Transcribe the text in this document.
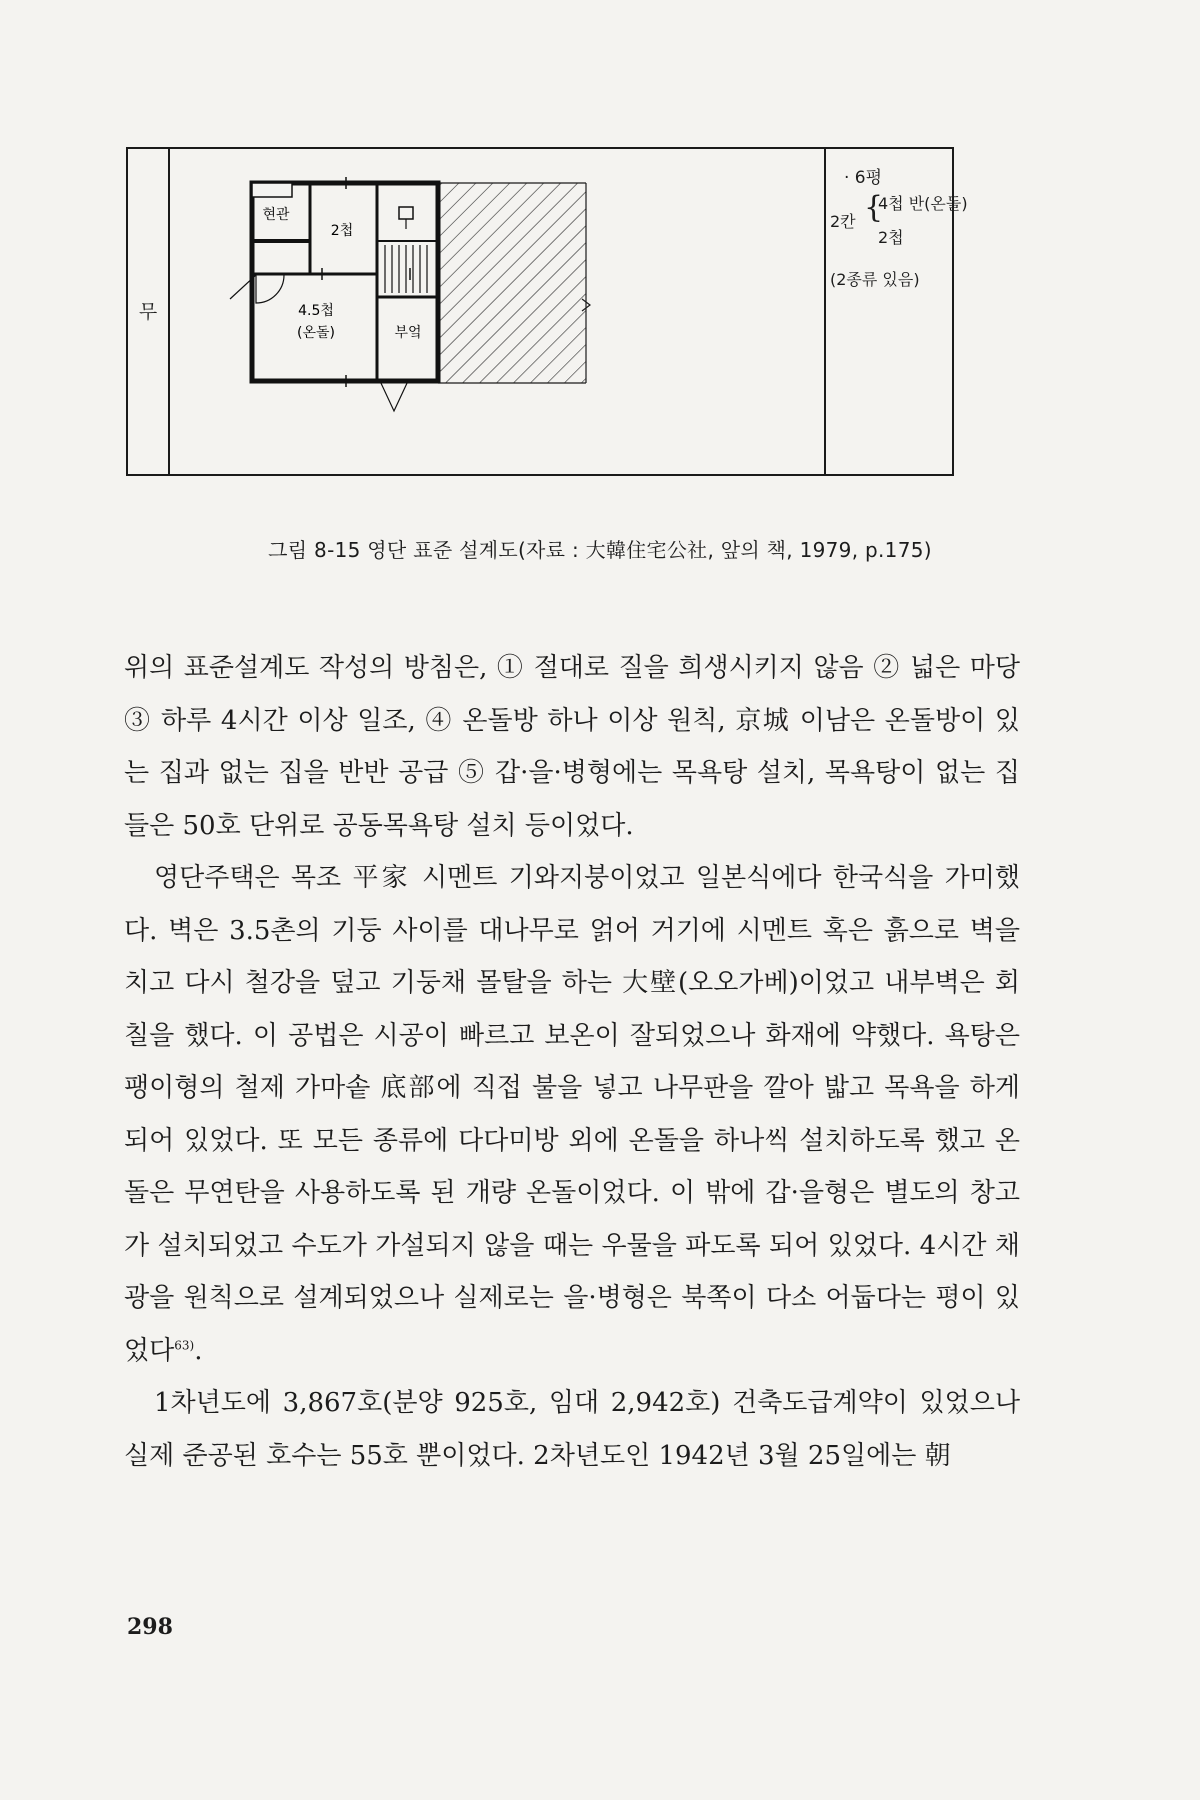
무
현관
2첩
4.5첩
(온돌)	부엌
· 6평
2칸 {
4첩 반(온돌)
2첩
(2종류 있음)
그림 8-15 영단 표준 설계도(자료 : 大韓住宅公社, 앞의 책, 1979, p.175)

위의 표준설계도 작성의 방침은, ① 절대로 질을 희생시키지 않음 ② 넓은 마당 ③ 하루 4시간 이상 일조, ④ 온돌방 하나 이상 원칙, 京城 이남은 온돌방이 있는 집과 없는 집을 반반 공급 ⑤ 갑·을·병형에는 목욕탕 설치, 목욕탕이 없는 집들은 50호 단위로 공동목욕탕 설치 등이었다.

영단주택은 목조 平家 시멘트 기와지붕이었고 일본식에다 한국식을 가미했다. 벽은 3.5촌의 기둥 사이를 대나무로 얽어 거기에 시멘트 혹은 흙으로 벽을 치고 다시 철강을 덮고 기둥채 몰탈을 하는 大壁(오오가베)이었고 내부벽은 회칠을 했다. 이 공법은 시공이 빠르고 보온이 잘되었으나 화재에 약했다. 욕탕은 팽이형의 철제 가마솥 底部에 직접 불을 넣고 나무판을 깔아 밟고 목욕을 하게 되어 있었다. 또 모든 종류에 다다미방 외에 온돌을 하나씩 설치하도록 했고 온돌은 무연탄을 사용하도록 된 개량 온돌이었다. 이 밖에 갑·을형은 별도의 창고가 설치되었고 수도가 가설되지 않을 때는 우물을 파도록 되어 있었다. 4시간 채광을 원칙으로 설계되었으나 실제로는 을·병형은 북쪽이 다소 어둡다는 평이 있었다$^{63)}$.

1차년도에 3,867호(분양 925호, 임대 2,942호) 건축도급계약이 있었으나 실제 준공된 호수는 55호 뿐이었다. 2차년도인 1942년 3월 25일에는 朝

298
